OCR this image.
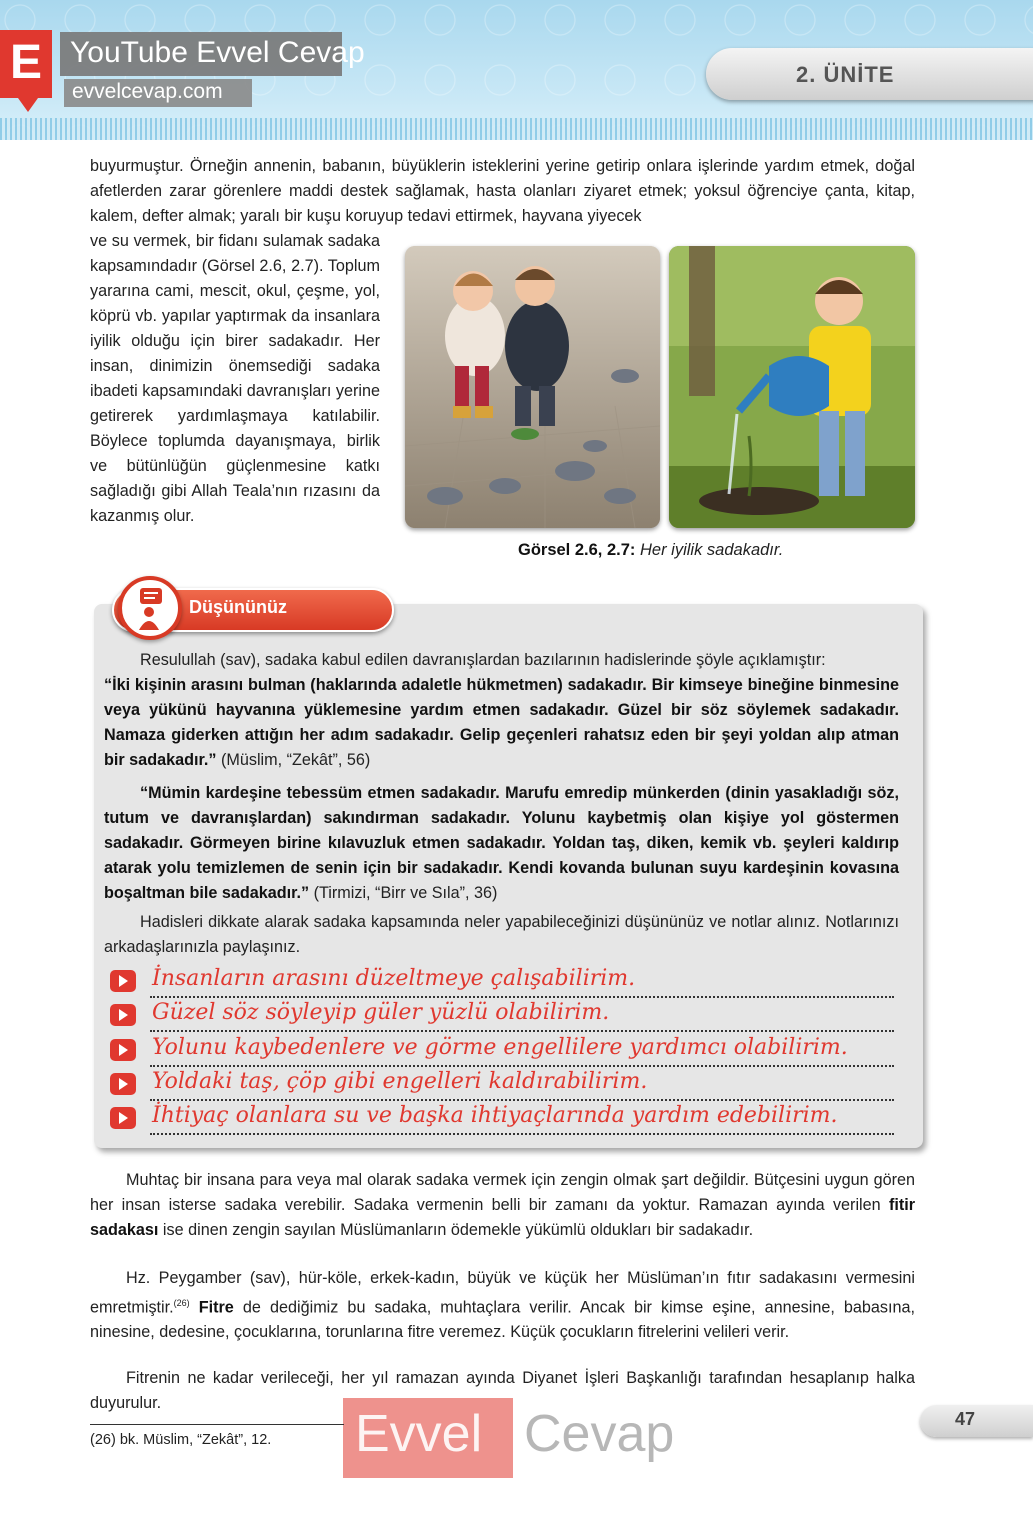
E YouTube Evvel Cevap
evvelcevap.com
2. ÜNİTE
buyurmuştur. Örneğin annenin, babanın, büyüklerin isteklerini yerine getirip onlara işlerinde yardım etmek, doğal afetlerden zarar görenlere maddi destek sağlamak, hasta olanları ziyaret etmek; yoksul öğrenciye çanta, kitap, kalem, defter almak; yaralı bir kuşu koruyup tedavi ettirmek, hayvana yiyecek
ve su vermek, bir fidanı sulamak sadaka kapsamındadır (Görsel 2.6, 2.7). Toplum yararına cami, mescit, okul, çeşme, yol, köprü vb. yapılar yaptırmak da insanlara iyilik olduğu için birer sadakadır. Her insan, dinimizin önemsediği sadaka ibadeti kapsamındaki davranışları yerine getirerek yardımlaşmaya katılabilir. Böylece toplumda dayanışmaya, birlik ve bütünlüğün güçlenmesine katkı sağladığı gibi Allah Teala’nın rızasını da kazanmış olur.
Görsel 2.6, 2.7: Her iyilik sadakadır.
Düşününüz
Resulullah (sav), sadaka kabul edilen davranışlardan bazılarının hadislerinde şöyle açıklamıştır:
“İki kişinin arasını bulman (haklarında adaletle hükmetmen) sadakadır. Bir kimseye bineğine binmesine veya yükünü hayvanına yüklemesine yardım etmen sadakadır. Güzel bir söz söylemek sadakadır. Namaza giderken attığın her adım sadakadır. Gelip geçenleri rahatsız eden bir şeyi yoldan alıp atman bir sadakadır.” (Müslim, “Zekât”, 56)
“Mümin kardeşine tebessüm etmen sadakadır. Marufu emredip münkerden (dinin yasakladığı söz, tutum ve davranışlardan) sakındırman sadakadır. Yolunu kaybetmiş olan kişiye yol göstermen sadakadır. Görmeyen birine kılavuzluk etmen sadakadır. Yoldan taş, diken, kemik vb. şeyleri kaldırıp atarak yolu temizlemen de senin için bir sadakadır. Kendi kovanda bulunan suyu kardeşinin kovasına boşaltman bile sadakadır.” (Tirmizi, “Birr ve Sıla”, 36)
Hadisleri dikkate alarak sadaka kapsamında neler yapabileceğinizi düşününüz ve notlar alınız. Notlarınızı arkadaşlarınızla paylaşınız.
İnsanların arasını düzeltmeye çalışabilirim.
Güzel söz söyleyip güler yüzlü olabilirim.
Yolunu kaybedenlere ve görme engellilere yardımcı olabilirim.
Yoldaki taş, çöp gibi engelleri kaldırabilirim.
İhtiyaç olanlara su ve başka ihtiyaçlarında yardım edebilirim.
Muhtaç bir insana para veya mal olarak sadaka vermek için zengin olmak şart değildir. Bütçesini uygun gören her insan isterse sadaka verebilir. Sadaka vermenin belli bir zamanı da yoktur. Ramazan ayında verilen fitir sadakası ise dinen zengin sayılan Müslümanların ödemekle yükümlü oldukları bir sadakadır.
Hz. Peygamber (sav), hür-köle, erkek-kadın, büyük ve küçük her Müslüman’ın fıtır sadakasını vermesini emretmiştir.$^{(26)}$ Fitre de dediğimiz bu sadaka, muhtaçlara verilir. Ancak bir kimse eşine, annesine, babasına, ninesine, dedesine, çocuklarına, torunlarına fitre veremez. Küçük çocukların fitrelerini velileri verir.
Fitrenin ne kadar verileceği, her yıl ramazan ayında Diyanet İşleri Başkanlığı tarafından hesaplanıp halka duyurulur.
Evvel Cevap
(26) bk. Müslim, “Zekât”, 12.
47
